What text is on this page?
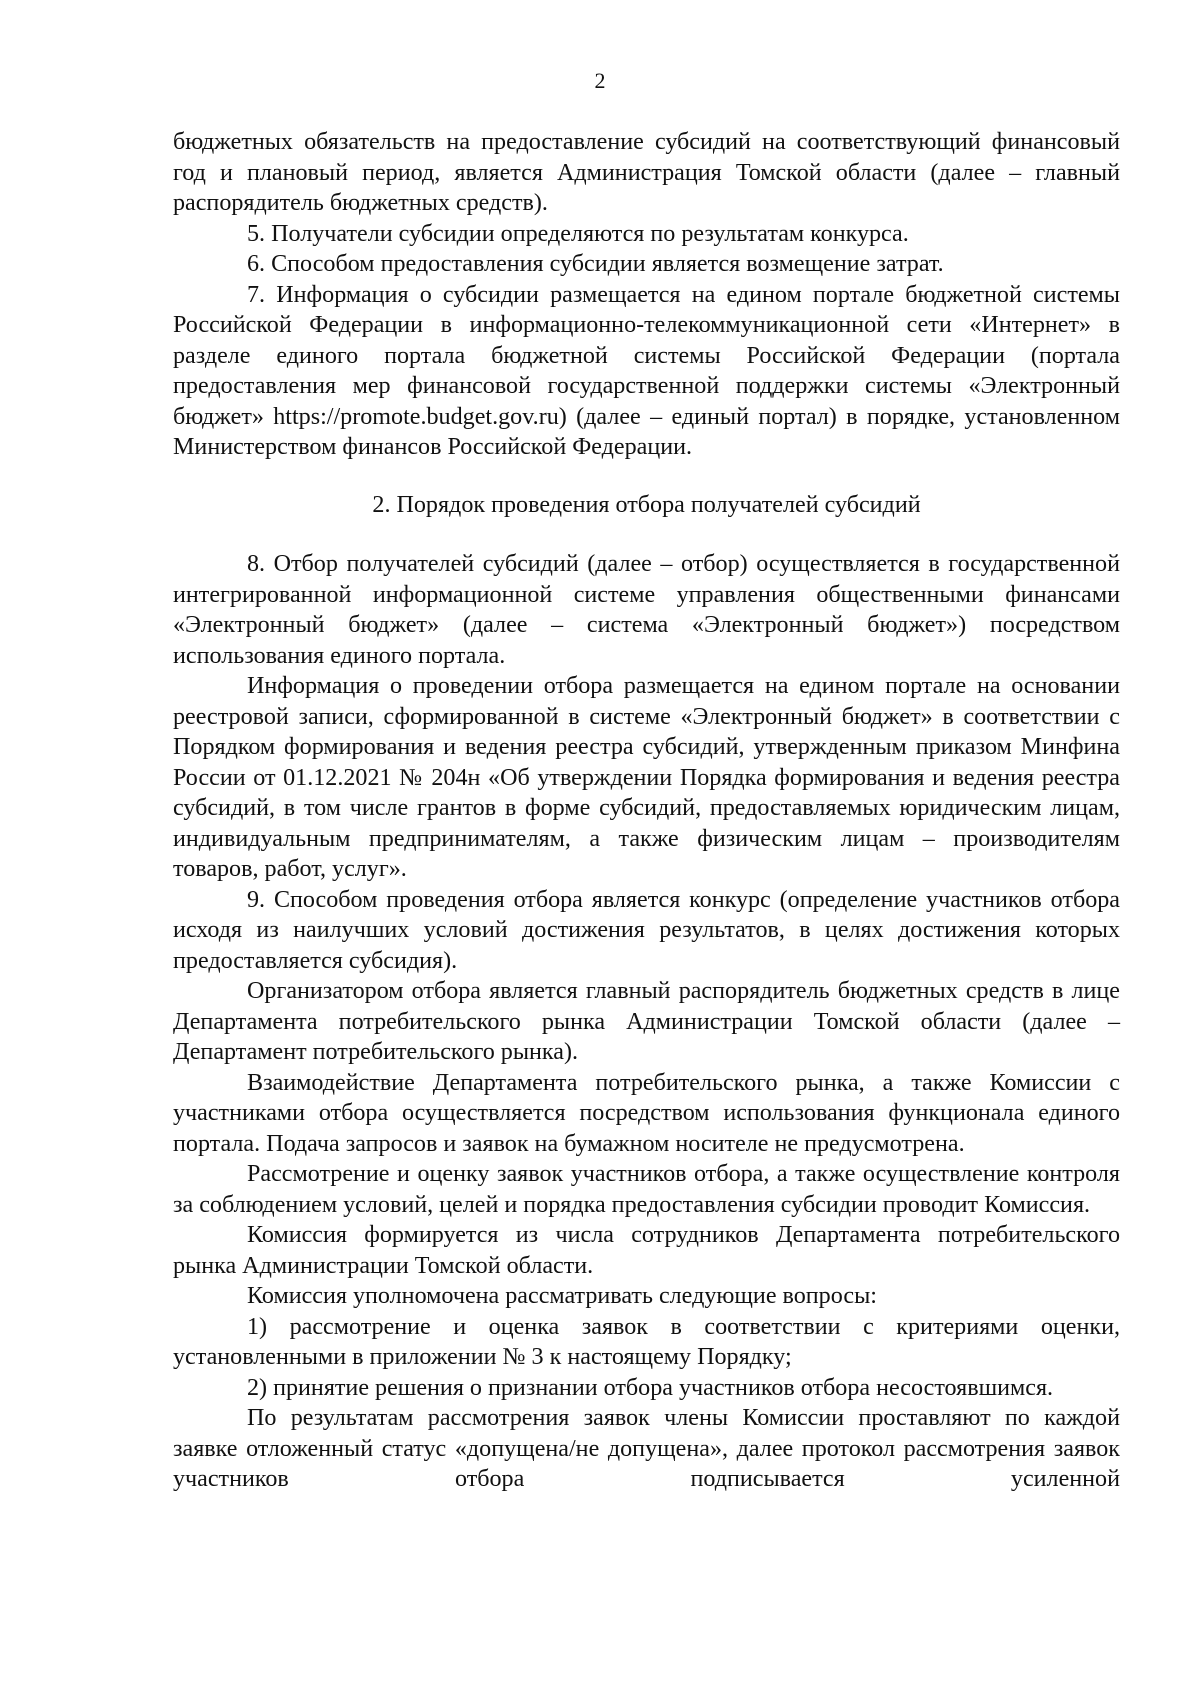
2

бюджетных обязательств на предоставление субсидий на соответствующий финансовый год и плановый период, является Администрация Томской области (далее – главный распорядитель бюджетных средств).

5. Получатели субсидии определяются по результатам конкурса.

6. Способом предоставления субсидии является возмещение затрат.

7. Информация о субсидии размещается на едином портале бюджетной системы Российской Федерации в информационно-телекоммуникационной сети «Интернет» в разделе единого портала бюджетной системы Российской Федерации (портала предоставления мер финансовой государственной поддержки системы «Электронный бюджет» https://promote.budget.gov.ru) (далее – единый портал) в порядке, установленном Министерством финансов Российской Федерации.

2. Порядок проведения отбора получателей субсидий

8. Отбор получателей субсидий (далее – отбор) осуществляется в государственной интегрированной информационной системе управления общественными финансами «Электронный бюджет» (далее – система «Электронный бюджет») посредством использования единого портала.

Информация о проведении отбора размещается на едином портале на основании реестровой записи, сформированной в системе «Электронный бюджет» в соответствии с Порядком формирования и ведения реестра субсидий, утвержденным приказом Минфина России от 01.12.2021 № 204н «Об утверждении Порядка формирования и ведения реестра субсидий, в том числе грантов в форме субсидий, предоставляемых юридическим лицам, индивидуальным предпринимателям, а также физическим лицам – производителям товаров, работ, услуг».

9. Способом проведения отбора является конкурс (определение участников отбора исходя из наилучших условий достижения результатов, в целях достижения которых предоставляется субсидия).

Организатором отбора является главный распорядитель бюджетных средств в лице Департамента потребительского рынка Администрации Томской области (далее – Департамент потребительского рынка).

Взаимодействие Департамента потребительского рынка, а также Комиссии с участниками отбора осуществляется посредством использования функционала единого портала. Подача запросов и заявок на бумажном носителе не предусмотрена.

Рассмотрение и оценку заявок участников отбора, а также осуществление контроля за соблюдением условий, целей и порядка предоставления субсидии проводит Комиссия.

Комиссия формируется из числа сотрудников Департамента потребительского рынка Администрации Томской области.

Комиссия уполномочена рассматривать следующие вопросы:

1) рассмотрение и оценка заявок в соответствии с критериями оценки, установленными в приложении № 3 к настоящему Порядку;

2) принятие решения о признании отбора участников отбора несостоявшимся.

По результатам рассмотрения заявок члены Комиссии проставляют по каждой заявке отложенный статус «допущена/не допущена», далее протокол рассмотрения заявок участников отбора подписывается усиленной
